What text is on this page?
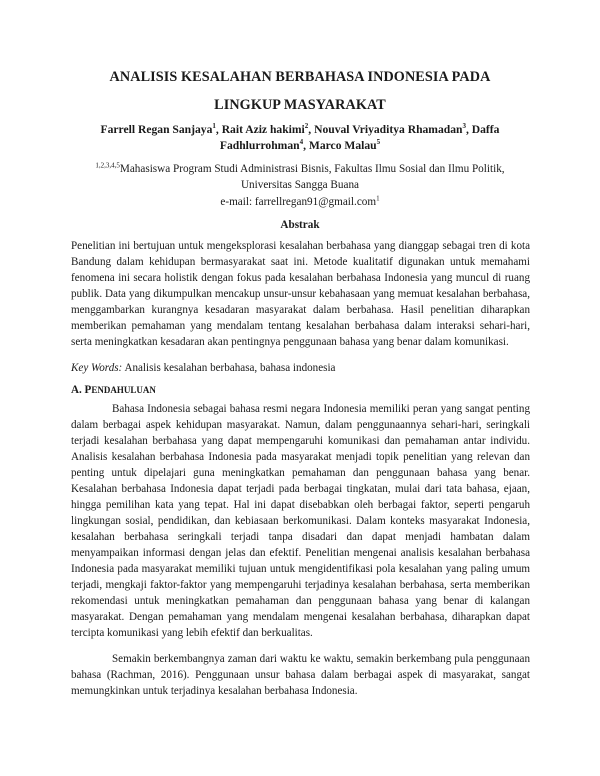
ANALISIS KESALAHAN BERBAHASA INDONESIA PADA
LINGKUP MASYARAKAT
Farrell Regan Sanjaya$^1$, Rait Aziz hakimi$^2$, Nouval Vriyaditya Rhamadan$^3$, Daffa Fadhlurrohman$^4$, Marco Malau$^5$
$^{1,2,3,4,5}$Mahasiswa Program Studi Administrasi Bisnis, Fakultas Ilmu Sosial dan Ilmu Politik, Universitas Sangga Buana
e-mail: farrellregan91@gmail.com$^1$
Abstrak
Penelitian ini bertujuan untuk mengeksplorasi kesalahan berbahasa yang dianggap sebagai tren di kota Bandung dalam kehidupan bermasyarakat saat ini. Metode kualitatif digunakan untuk memahami fenomena ini secara holistik dengan fokus pada kesalahan berbahasa Indonesia yang muncul di ruang publik. Data yang dikumpulkan mencakup unsur-unsur kebahasaan yang memuat kesalahan berbahasa, menggambarkan kurangnya kesadaran masyarakat dalam berbahasa. Hasil penelitian diharapkan memberikan pemahaman yang mendalam tentang kesalahan berbahasa dalam interaksi sehari-hari, serta meningkatkan kesadaran akan pentingnya penggunaan bahasa yang benar dalam komunikasi.
Key Words: Analisis kesalahan berbahasa, bahasa indonesia
A. PENDAHULUAN
Bahasa Indonesia sebagai bahasa resmi negara Indonesia memiliki peran yang sangat penting dalam berbagai aspek kehidupan masyarakat. Namun, dalam penggunaannya sehari-hari, seringkali terjadi kesalahan berbahasa yang dapat mempengaruhi komunikasi dan pemahaman antar individu. Analisis kesalahan berbahasa Indonesia pada masyarakat menjadi topik penelitian yang relevan dan penting untuk dipelajari guna meningkatkan pemahaman dan penggunaan bahasa yang benar. Kesalahan berbahasa Indonesia dapat terjadi pada berbagai tingkatan, mulai dari tata bahasa, ejaan, hingga pemilihan kata yang tepat. Hal ini dapat disebabkan oleh berbagai faktor, seperti pengaruh lingkungan sosial, pendidikan, dan kebiasaan berkomunikasi. Dalam konteks masyarakat Indonesia, kesalahan berbahasa seringkali terjadi tanpa disadari dan dapat menjadi hambatan dalam menyampaikan informasi dengan jelas dan efektif. Penelitian mengenai analisis kesalahan berbahasa Indonesia pada masyarakat memiliki tujuan untuk mengidentifikasi pola kesalahan yang paling umum terjadi, mengkaji faktor-faktor yang mempengaruhi terjadinya kesalahan berbahasa, serta memberikan rekomendasi untuk meningkatkan pemahaman dan penggunaan bahasa yang benar di kalangan masyarakat. Dengan pemahaman yang mendalam mengenai kesalahan berbahasa, diharapkan dapat tercipta komunikasi yang lebih efektif dan berkualitas.
Semakin berkembangnya zaman dari waktu ke waktu, semakin berkembang pula penggunaan bahasa (Rachman, 2016). Penggunaan unsur bahasa dalam berbagai aspek di masyarakat, sangat memungkinkan untuk terjadinya kesalahan berbahasa Indonesia.
